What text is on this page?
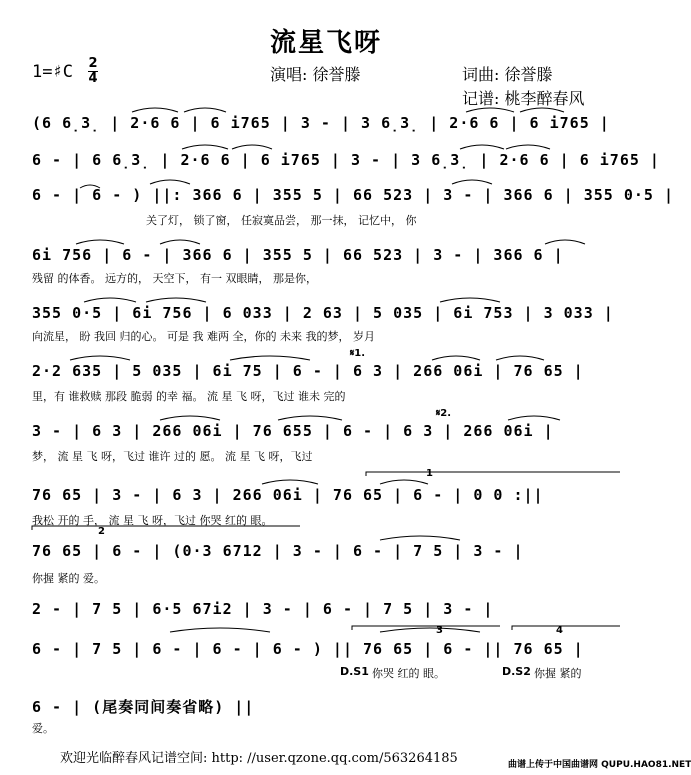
流星飞呀
1=♯C 2
4	演唱: 徐誉滕	词曲: 徐誉滕
记谱: 桃李醉春风
(6 6̣3̣ | 2·6 6 | 6 i765 | 3 - | 3 6̣3̣ | 2·6 6 | 6 i765 |
6 - | 6 6̣3̣ | 2·6 6 | 6 i765 | 3 - | 3 6̣3̣ | 2·6 6 | 6 i765 |
6 - | 6 - ) ||: 366 6 | 355 5 | 66 523 | 3 - | 366 6 | 355 0·5 |
关了灯， 锁了窗， 任寂寞品尝， 那一抹， 记忆中， 你
6i 756 | 6 - | 366 6 | 355 5 | 66 523 | 3 - | 366 6 |
残留 的体香。 远方的， 天空下， 有一 双眼睛， 那是你，
355 0·5 | 6i 756 | 6 033 | 2 63 | 5 035 | 6i 753 | 3 033 |
向流星， 盼 我回 归的心。 可是 我 难两 全，你的 未来 我的梦， 岁月
𝄋1.
2·2 635 | 5 035 | 6i 75 | 6 - | 6 3 | 266 06i | 76 65 |
里，有 谁救赎 那段 脆弱 的幸 福。 流 星 飞 呀，飞过 谁未 完的
𝄋2.
3 - | 6 3 | 266 06i | 76 655 | 6 - | 6 3 | 266 06i |
梦， 流 星 飞 呀，飞过 谁许 过的 愿。 流 星 飞 呀，飞过
1
76 65 | 3 - | 6 3 | 266 06i | 76 65 | 6 - | 0 0 :||
我松 开的 手， 流 星 飞 呀，飞过 你哭 红的 眼。
2
76 65 | 6 - | (0·3 6712 | 3 - | 6 - | 7 5 | 3 - |
你握 紧的 爱。
2 - | 7 5 | 6·5 67i2 | 3 - | 6 - | 7 5 | 3 - |
3	4
6 - | 7 5 | 6 - | 6 - | 6 - ) || 76 65 | 6 - || 76 65 |
D.S1 你哭 红的 眼。	D.S2 你握 紧的
6 - | (尾奏同间奏省略) ||
爱。
欢迎光临醉春风记谱空间: http: //user.qzone.qq.com/563264185	曲谱上传于中国曲谱网 QUPU.HAO81.NET
